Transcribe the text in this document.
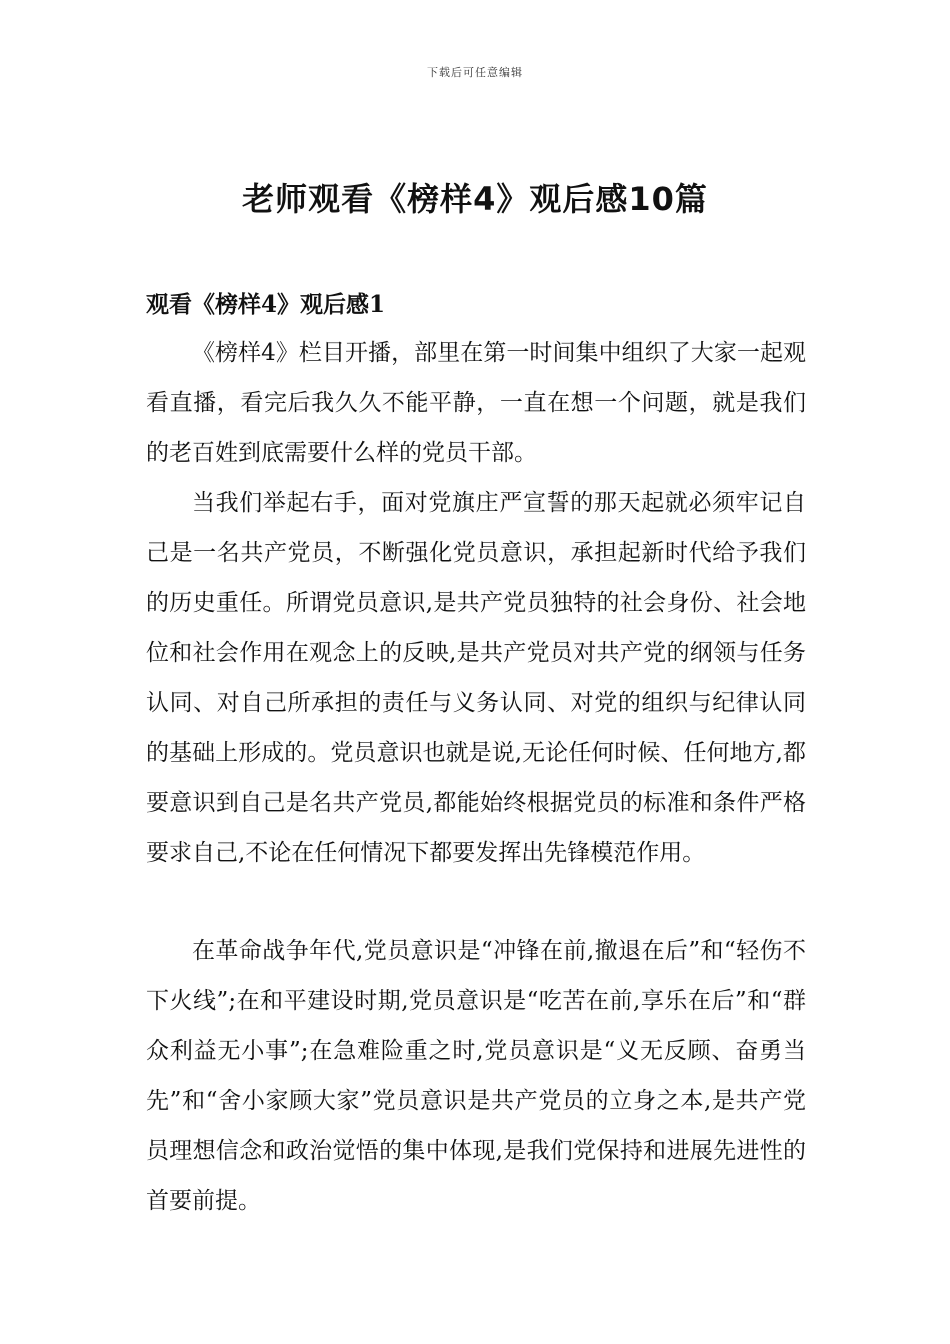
下载后可任意编辑
老师观看《榜样4》观后感10篇
观看《榜样4》观后感1

《榜样4》栏目开播，部里在第一时间集中组织了大家一起观看直播，看完后我久久不能平静，一直在想一个问题，就是我们的老百姓到底需要什么样的党员干部。

当我们举起右手，面对党旗庄严宣誓的那天起就必须牢记自己是一名共产党员，不断强化党员意识，承担起新时代给予我们的历史重任。所谓党员意识,是共产党员独特的社会身份、社会地位和社会作用在观念上的反映,是共产党员对共产党的纲领与任务认同、对自己所承担的责任与义务认同、对党的组织与纪律认同的基础上形成的。党员意识也就是说,无论任何时候、任何地方,都要意识到自己是名共产党员,都能始终根据党员的标准和条件严格要求自己,不论在任何情况下都要发挥出先锋模范作用。

在革命战争年代,党员意识是“冲锋在前,撤退在后”和“轻伤不下火线”;在和平建设时期,党员意识是“吃苦在前,享乐在后”和“群众利益无小事”;在急难险重之时,党员意识是“义无反顾、奋勇当先”和“舍小家顾大家”党员意识是共产党员的立身之本,是共产党员理想信念和政治觉悟的集中体现,是我们党保持和进展先进性的首要前提。
